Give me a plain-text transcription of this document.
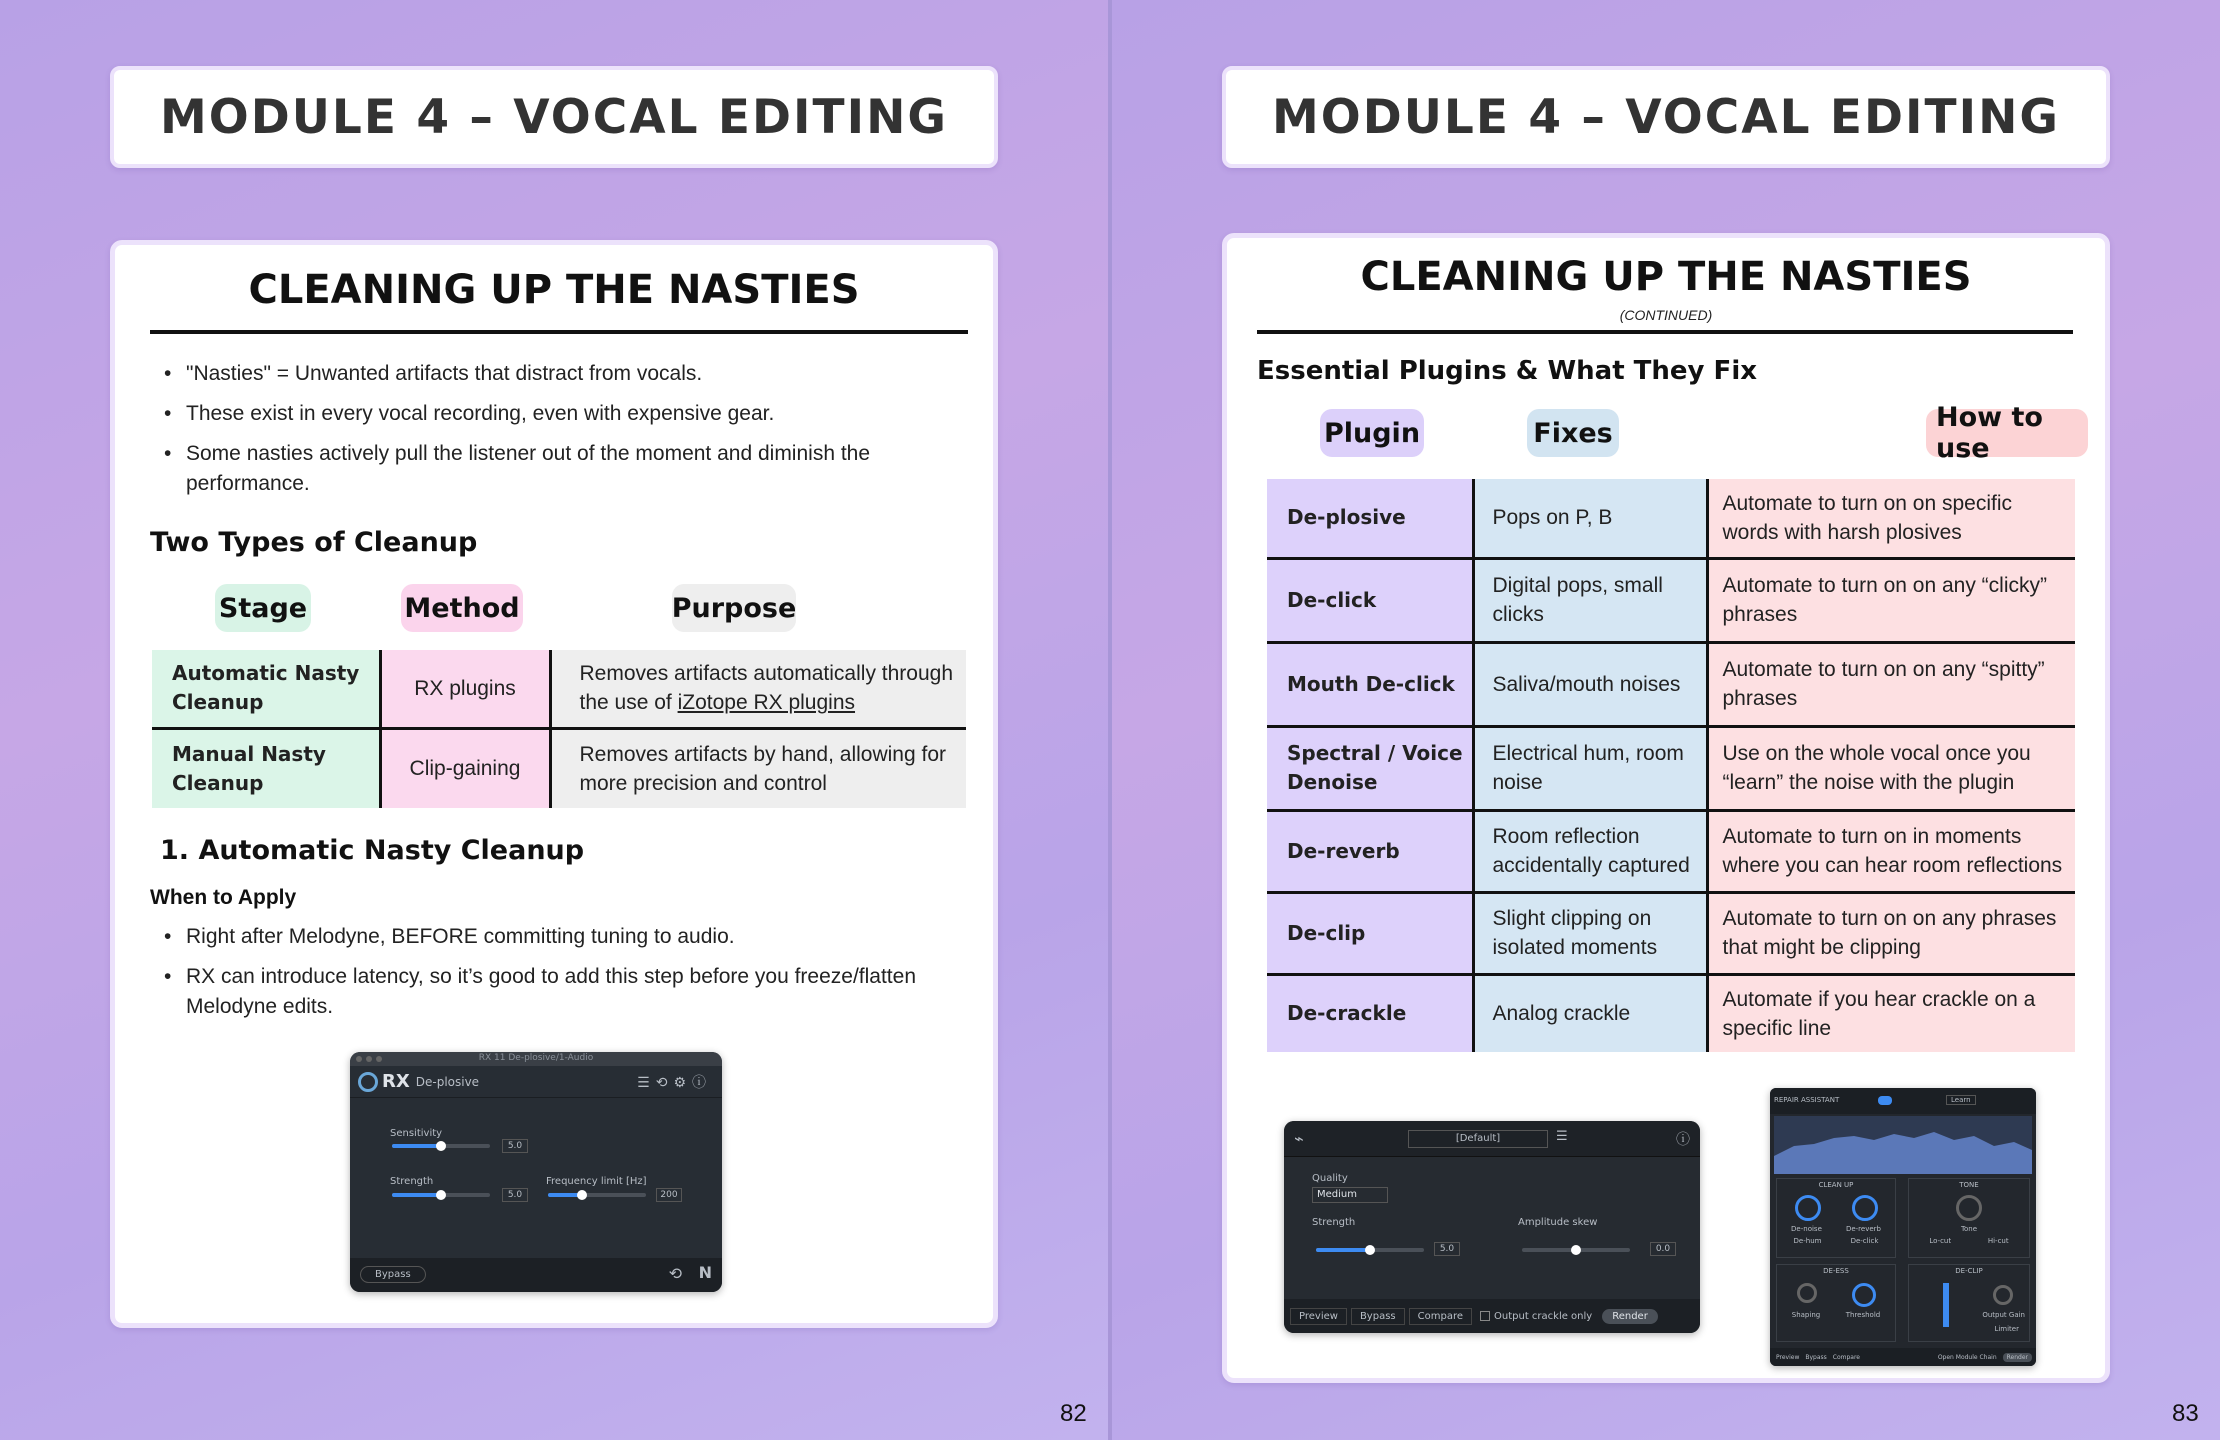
MODULE 4 – VOCAL EDITING
CLEANING UP THE NASTIES
• "Nasties" = Unwanted artifacts that distract from vocals.
• These exist in every vocal recording, even with expensive gear.
• Some nasties actively pull the listener out of the moment and diminish the performance.
Two Types of Cleanup
Stage	Method	Purpose
Automatic Nasty Cleanup	RX plugins	Removes artifacts automatically through the use of iZotope RX plugins
Manual Nasty Cleanup	Clip-gaining	Removes artifacts by hand, allowing for more precision and control
1. Automatic Nasty Cleanup
When to Apply
• Right after Melodyne, BEFORE committing tuning to audio.
• RX can introduce latency, so it’s good to add this step before you freeze/flatten Melodyne edits.
RX 11 De-plosive/1-Audio
RX De-plosive	☰⟲⚙ⓘ
Sensitivity
5.0
Strength
5.0
Frequency limit [Hz]
200
Bypass	⟲ N
82
MODULE 4 – VOCAL EDITING
CLEANING UP THE NASTIES
(CONTINUED)
Essential Plugins & What They Fix
Plugin	Fixes	How to use
De-plosive	Pops on P, B	Automate to turn on on specific words with harsh plosives
De-click	Digital pops, small clicks	Automate to turn on on any “clicky” phrases
Mouth De-click	Saliva/mouth noises	Automate to turn on on any “spitty” phrases
Spectral / Voice Denoise	Electrical hum, room noise	Use on the whole vocal once you “learn” the noise with the plugin
De-reverb	Room reflection accidentally captured	Automate to turn on in moments where you can hear room reflections
De-clip	Slight clipping on isolated moments	Automate to turn on on any phrases that might be clipping
De-crackle	Analog crackle	Automate if you hear crackle on a specific line
⌁	[Default]	☰	ⓘ
Quality
Medium
Strength
5.0
Amplitude skew
0.0
Preview	Bypass	Compare	Output crackle only	Render
REPAIR ASSISTANT	Learn
CLEAN UP
De-noise	De-reverb
De-hum	De-click
TONE
Tone
Lo-cut	Hi-cut
DE-ESS
Shaping	Threshold
DE-CLIP
Output Gain
Limiter
Preview Bypass Compare	Open Module Chain	Render
83
